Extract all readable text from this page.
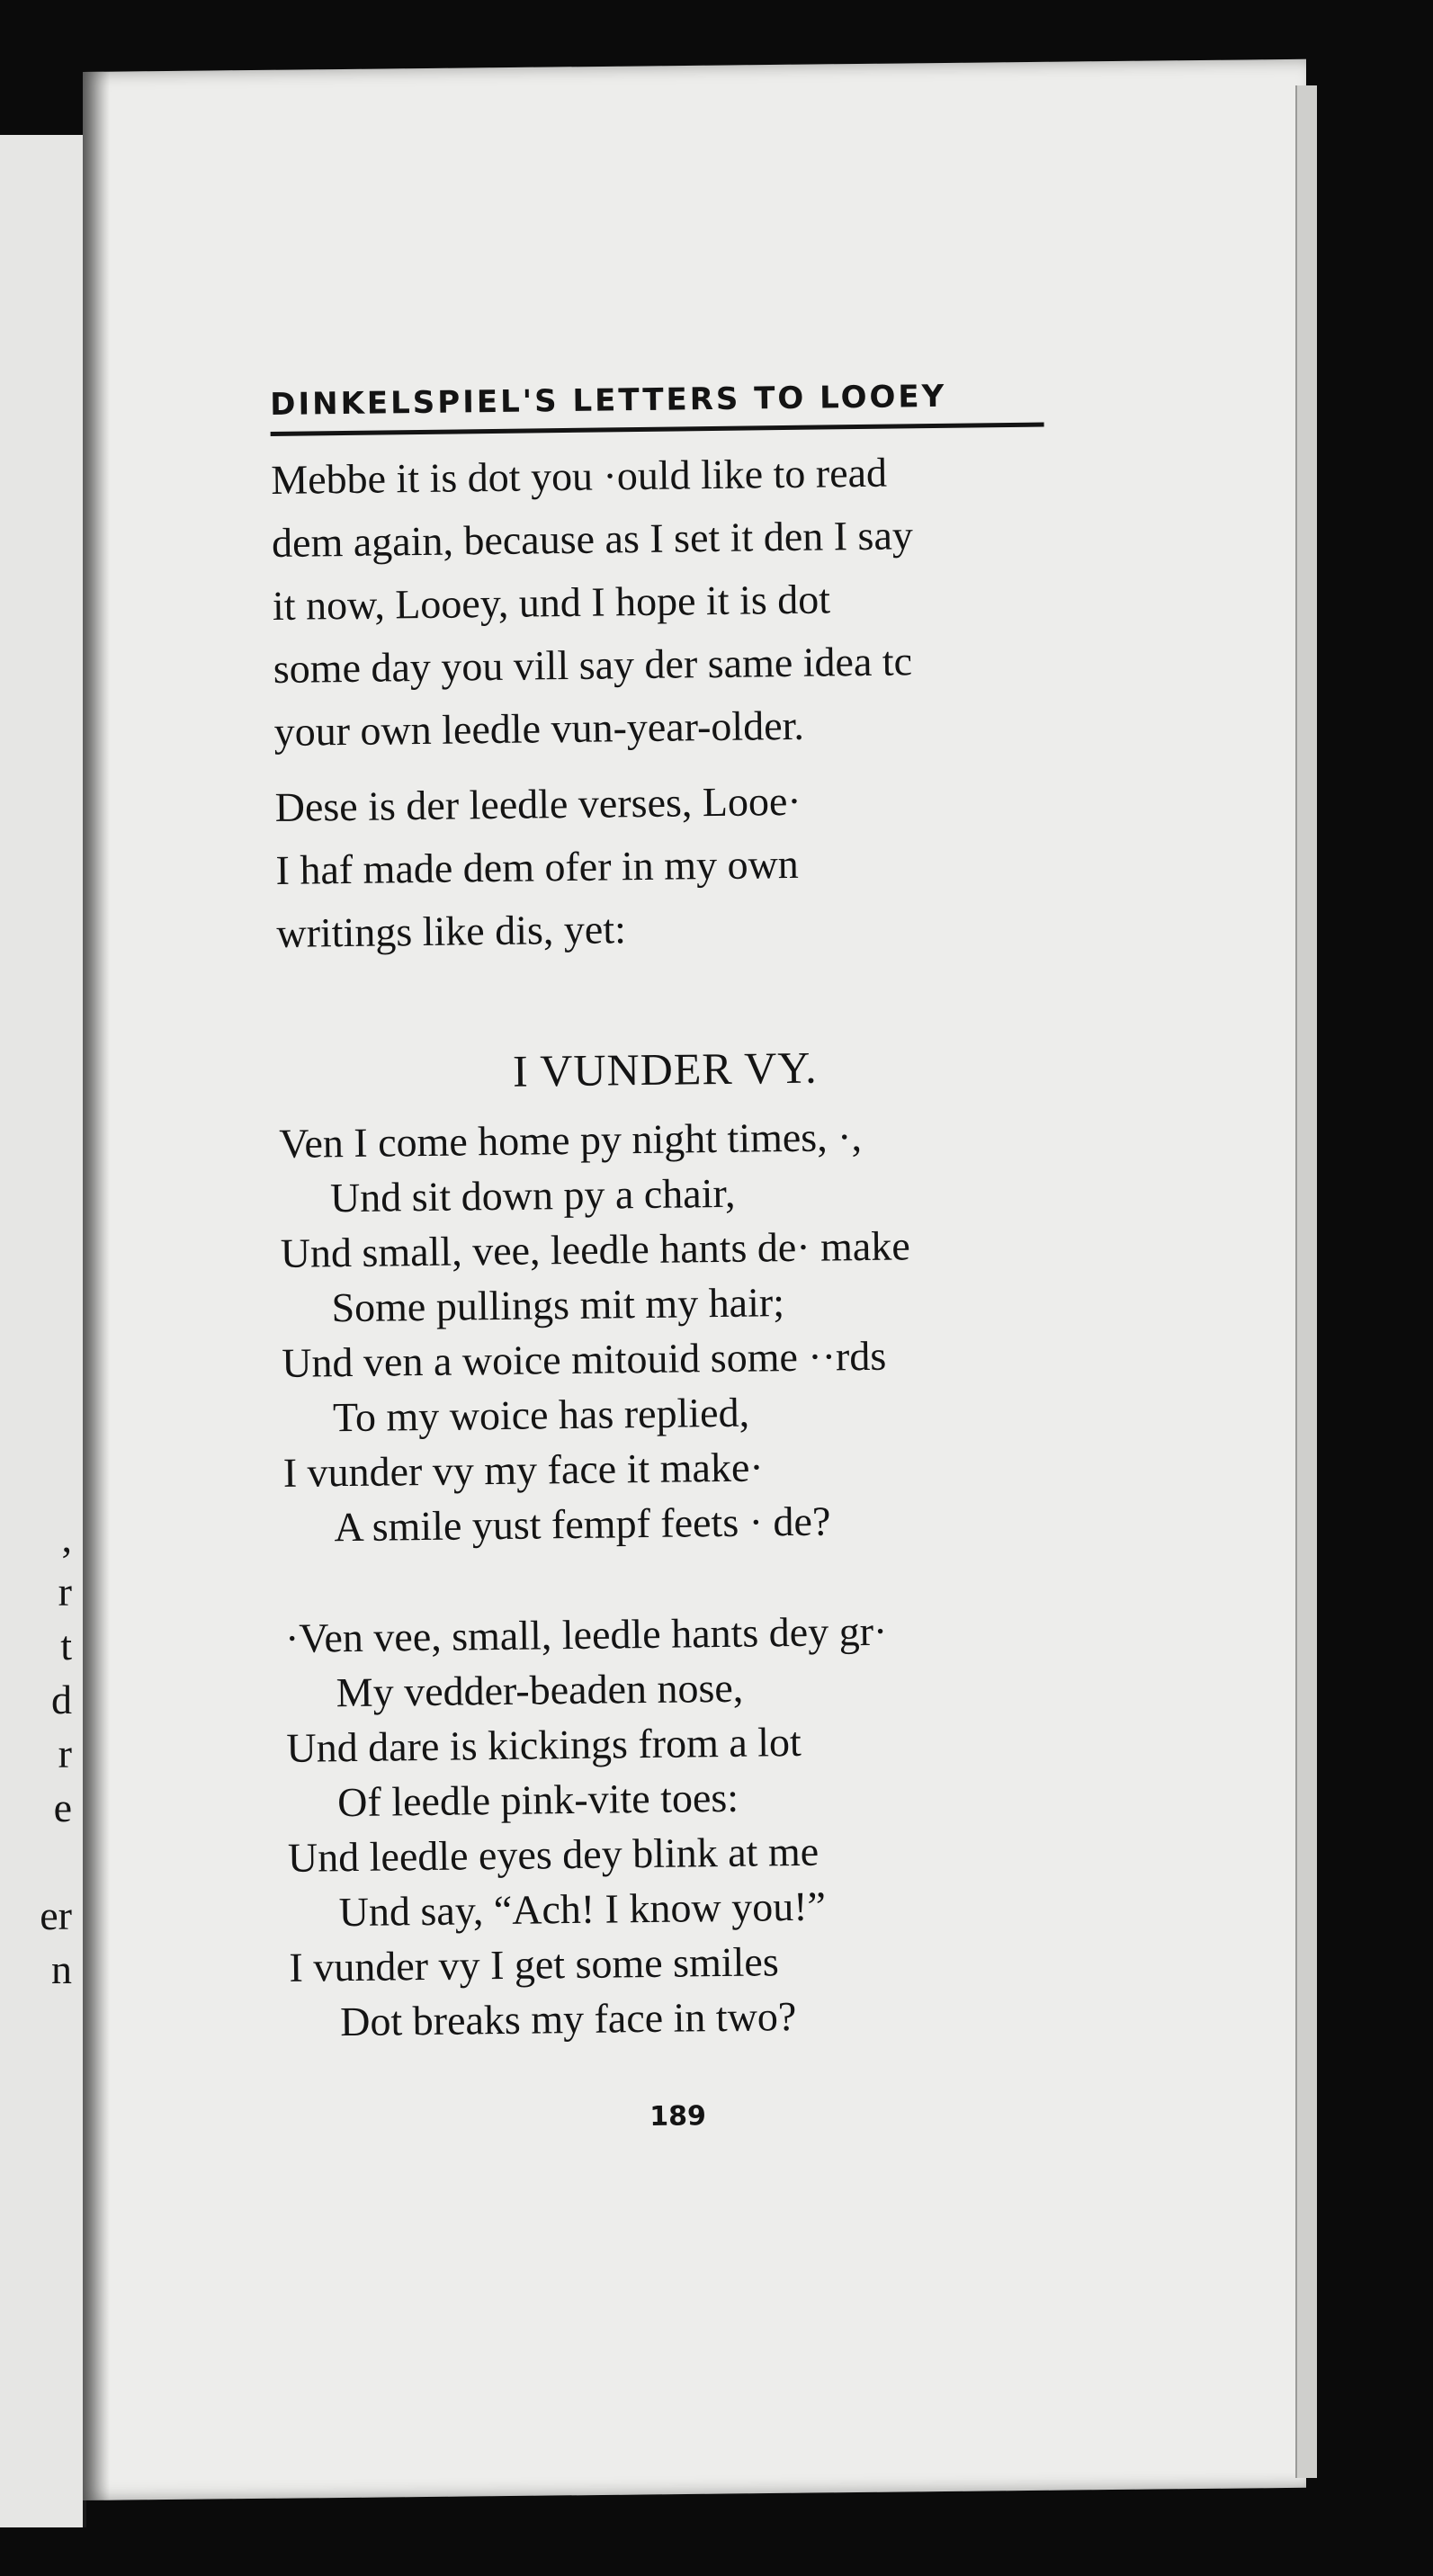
,
r
t
d
r
e
er
n
DINKELSPIEL'S LETTERS TO LOOEY

Mebbe it is dot you ·ould like to read
dem again, because as I set it den I say
it now, Looey, und I hope it is dot
some day you vill say der same idea tc
your own leedle vun-year-older.

Dese is der leedle verses, Looe·
I haf made dem ofer in my own
writings like dis, yet:

I VUNDER VY.
Ven I come home py night times, ·,
Und sit down py a chair,
Und small, vee, leedle hants de· make
Some pullings mit my hair;
Und ven a woice mitouid some ··rds
To my woice has replied,
I vunder vy my face it make·
A smile yust fempf feets · de?
·Ven vee, small, leedle hants dey gr·
My vedder-beaden nose,
Und dare is kickings from a lot
Of leedle pink-vite toes:
Und leedle eyes dey blink at me
Und say, “Ach! I know you!”
I vunder vy I get some smiles
Dot breaks my face in two?
189
